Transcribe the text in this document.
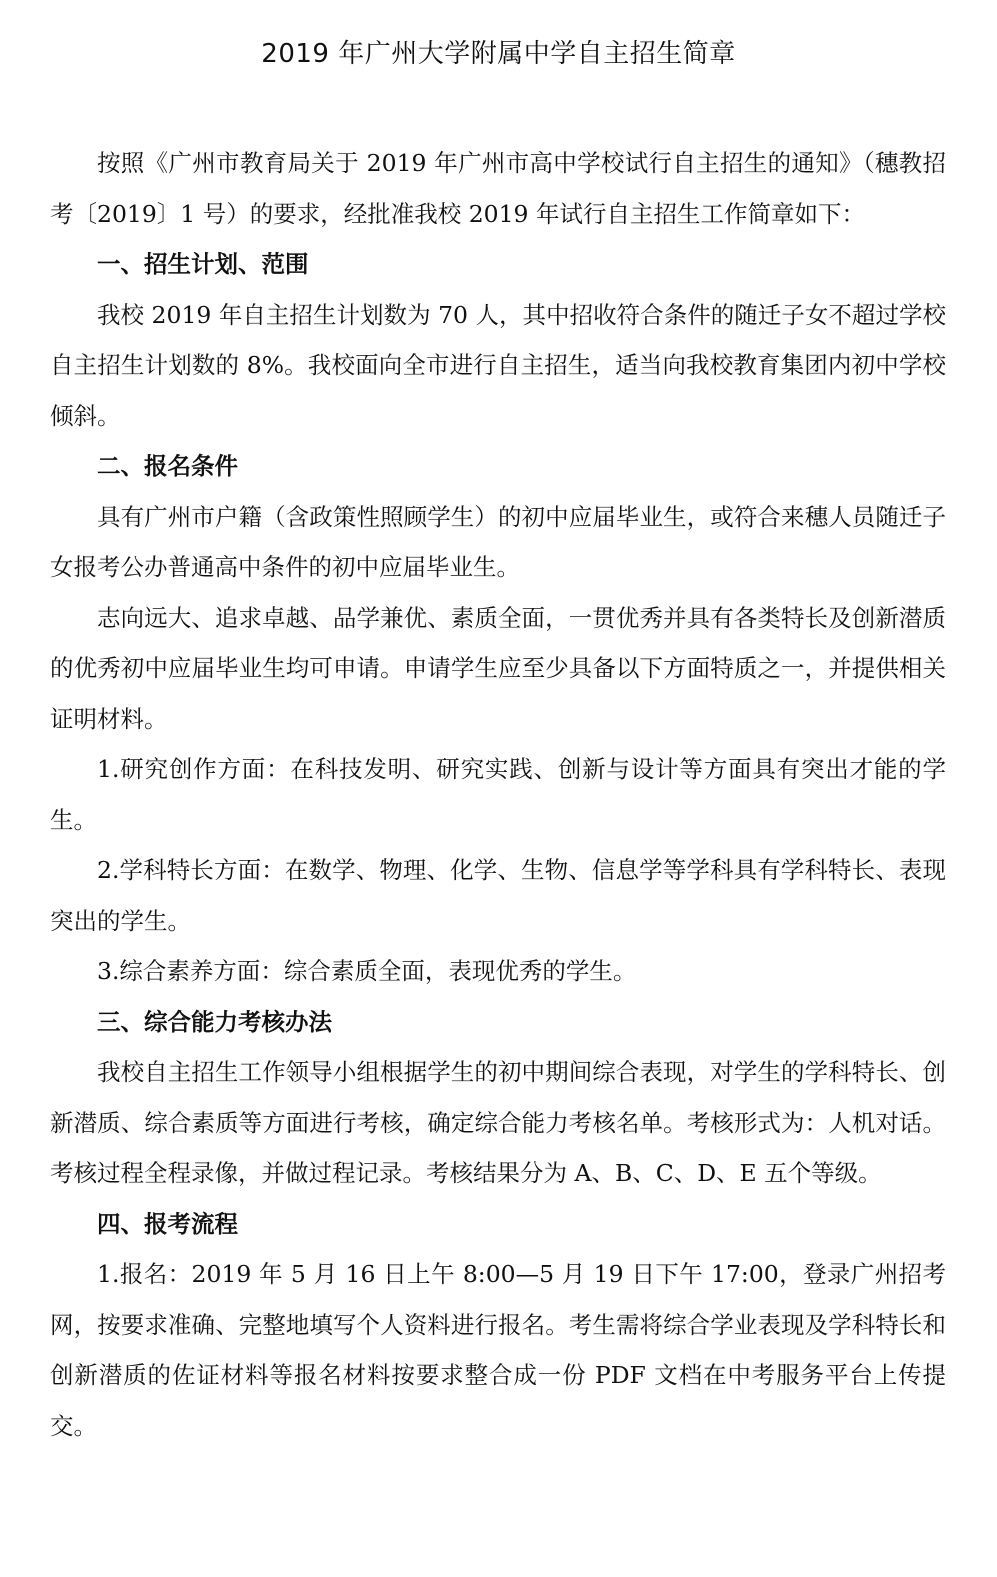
2019 年广州大学附属中学自主招生简章

按照《广州市教育局关于 2019 年广州市高中学校试行自主招生的通知》（穗教招考〔2019〕1 号）的要求，经批准我校 2019 年试行自主招生工作简章如下：

一、招生计划、范围

我校 2019 年自主招生计划数为 70 人，其中招收符合条件的随迁子女不超过学校自主招生计划数的 8%。我校面向全市进行自主招生，适当向我校教育集团内初中学校倾斜。

二、报名条件

具有广州市户籍（含政策性照顾学生）的初中应届毕业生，或符合来穗人员随迁子女报考公办普通高中条件的初中应届毕业生。

志向远大、追求卓越、品学兼优、素质全面，一贯优秀并具有各类特长及创新潜质的优秀初中应届毕业生均可申请。申请学生应至少具备以下方面特质之一，并提供相关证明材料。

1.研究创作方面：在科技发明、研究实践、创新与设计等方面具有突出才能的学生。

2.学科特长方面：在数学、物理、化学、生物、信息学等学科具有学科特长、表现突出的学生。

3.综合素养方面：综合素质全面，表现优秀的学生。

三、综合能力考核办法

我校自主招生工作领导小组根据学生的初中期间综合表现，对学生的学科特长、创新潜质、综合素质等方面进行考核，确定综合能力考核名单。考核形式为：人机对话。考核过程全程录像，并做过程记录。考核结果分为 A、B、C、D、E 五个等级。

四、报考流程

1.报名：2019 年 5 月 16 日上午 8:00—5 月 19 日下午 17:00，登录广州招考网，按要求准确、完整地填写个人资料进行报名。考生需将综合学业表现及学科特长和创新潜质的佐证材料等报名材料按要求整合成一份 PDF 文档在中考服务平台上传提交。
